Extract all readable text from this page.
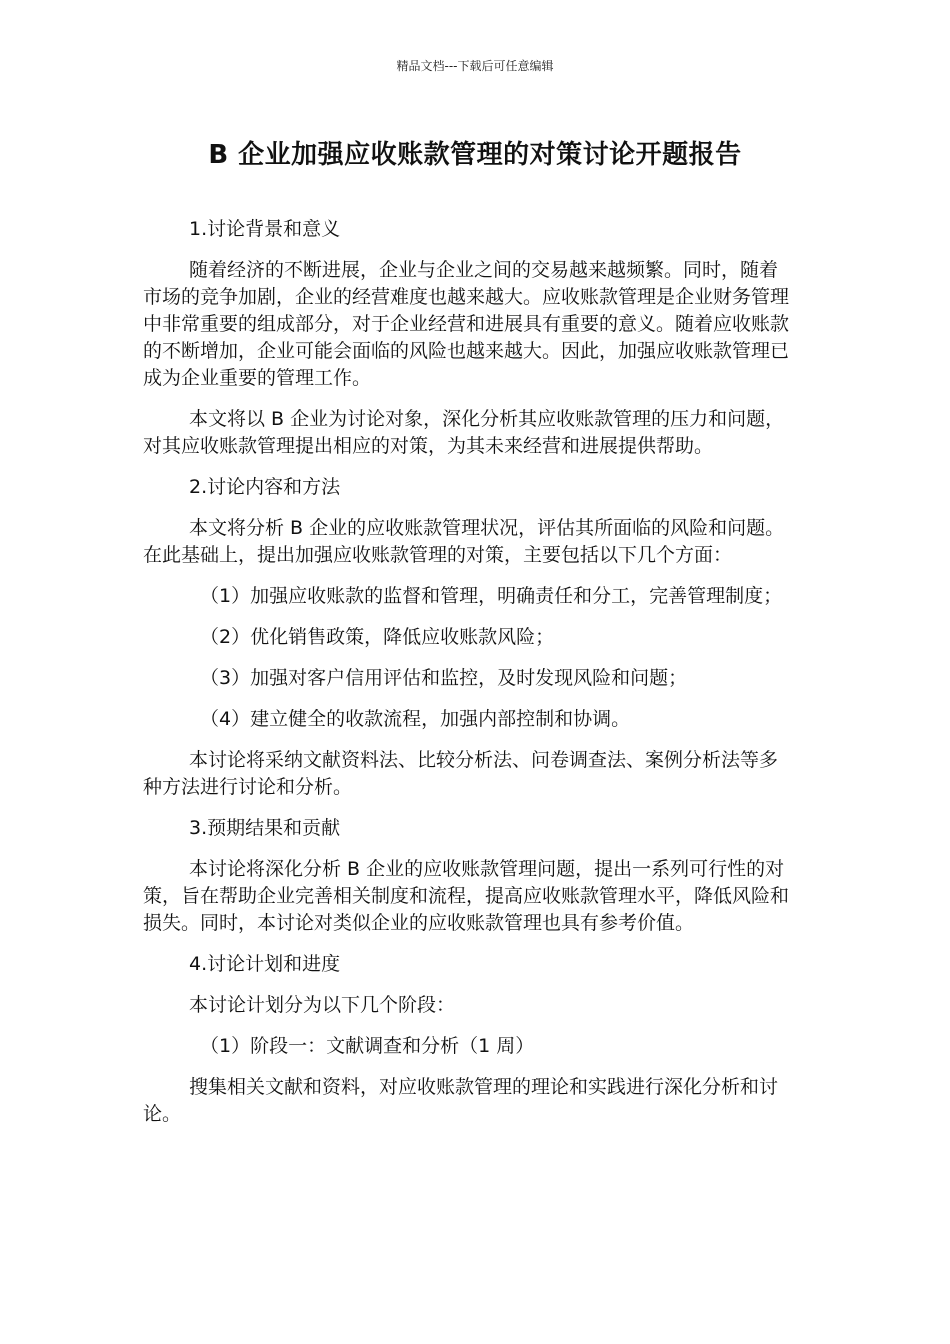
精品文档---下载后可任意编辑
B 企业加强应收账款管理的对策讨论开题报告
1.讨论背景和意义
随着经济的不断进展，企业与企业之间的交易越来越频繁。同时，随着市场的竞争加剧，企业的经营难度也越来越大。应收账款管理是企业财务管理中非常重要的组成部分，对于企业经营和进展具有重要的意义。随着应收账款的不断增加，企业可能会面临的风险也越来越大。因此，加强应收账款管理已成为企业重要的管理工作。
本文将以 B 企业为讨论对象，深化分析其应收账款管理的压力和问题，对其应收账款管理提出相应的对策，为其未来经营和进展提供帮助。
2.讨论内容和方法
本文将分析 B 企业的应收账款管理状况，评估其所面临的风险和问题。在此基础上，提出加强应收账款管理的对策，主要包括以下几个方面：
（1）加强应收账款的监督和管理，明确责任和分工，完善管理制度；
（2）优化销售政策，降低应收账款风险；
（3）加强对客户信用评估和监控，及时发现风险和问题；
（4）建立健全的收款流程，加强内部控制和协调。
本讨论将采纳文献资料法、比较分析法、问卷调查法、案例分析法等多种方法进行讨论和分析。
3.预期结果和贡献
本讨论将深化分析 B 企业的应收账款管理问题，提出一系列可行性的对策，旨在帮助企业完善相关制度和流程，提高应收账款管理水平，降低风险和损失。同时，本讨论对类似企业的应收账款管理也具有参考价值。
4.讨论计划和进度
本讨论计划分为以下几个阶段：
（1）阶段一：文献调查和分析（1 周）
搜集相关文献和资料，对应收账款管理的理论和实践进行深化分析和讨论。
